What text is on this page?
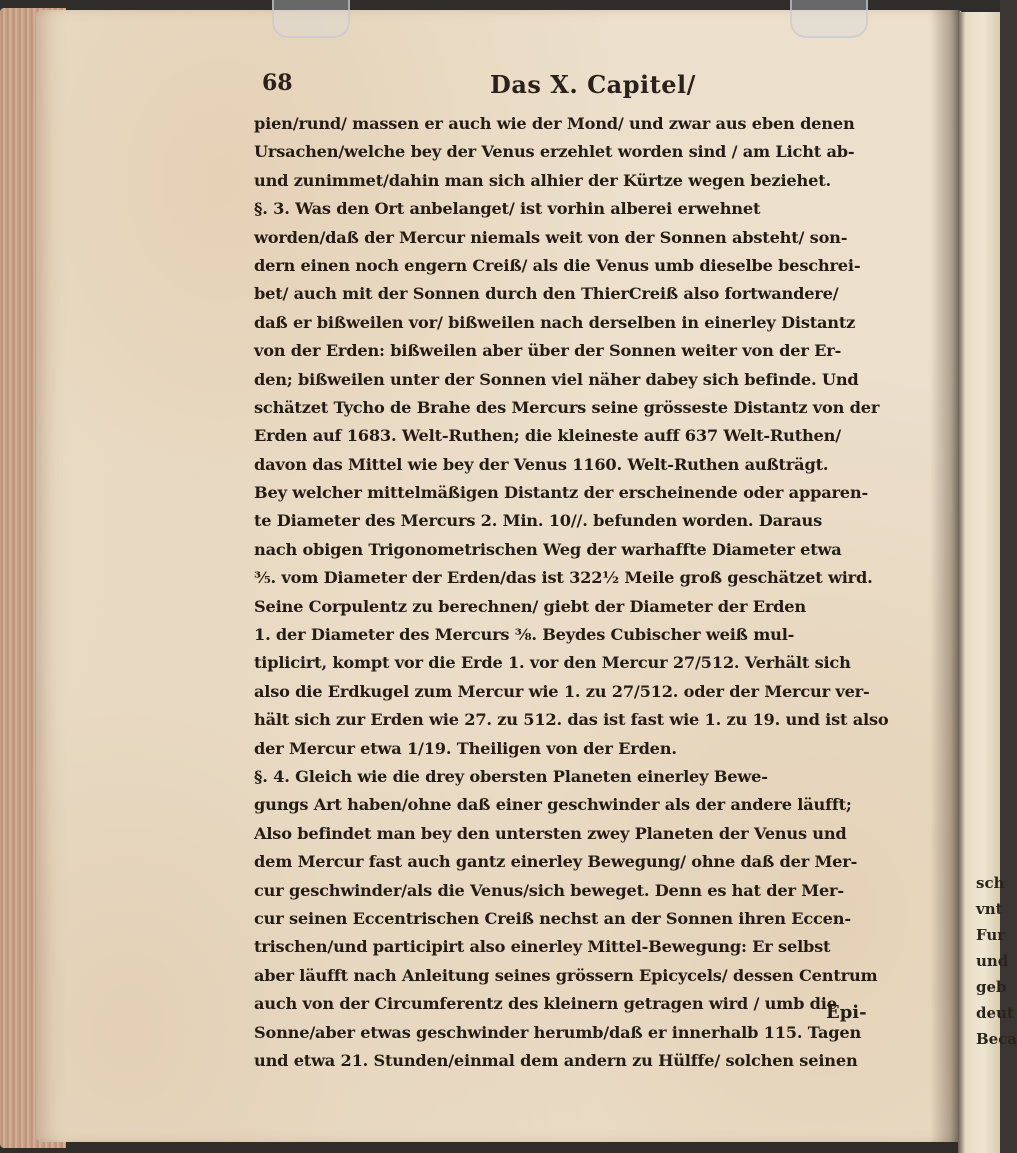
sch
vnt
Fur
und
geb
deut
Beca
68	Das X. Capitel/
pien/rund/ massen er auch wie der Mond/ und zwar aus eben denen
Ursachen/welche bey der Venus erzehlet worden sind / am Licht ab-
und zunimmet/dahin man sich alhier der Kürtze wegen beziehet.
§. 3. Was den Ort anbelanget/ ist vorhin alberei erwehnet
worden/daß der Mercur niemals weit von der Sonnen absteht/ son-
dern einen noch engern Creiß/ als die Venus umb dieselbe beschrei-
bet/ auch mit der Sonnen durch den ThierCreiß also fortwandere/
daß er bißweilen vor/ bißweilen nach derselben in einerley Distantz
von der Erden: bißweilen aber über der Sonnen weiter von der Er-
den; bißweilen unter der Sonnen viel näher dabey sich befinde. Und
schätzet Tycho de Brahe des Mercurs seine grösseste Distantz von der
Erden auf 1683. Welt-Ruthen; die kleineste auff 637 Welt-Ruthen/
davon das Mittel wie bey der Venus 1160. Welt-Ruthen außträgt.
Bey welcher mittelmäßigen Distantz der erscheinende oder apparen-
te Diameter des Mercurs 2. Min. 10//. befunden worden. Daraus
nach obigen Trigonometrischen Weg der warhaffte Diameter etwa
⅗. vom Diameter der Erden/das ist 322½ Meile groß geschätzet wird.
Seine Corpulentz zu berechnen/ giebt der Diameter der Erden
1. der Diameter des Mercurs ⅜. Beydes Cubischer weiß mul-
tiplicirt, kompt vor die Erde 1. vor den Mercur 27/512. Verhält sich
also die Erdkugel zum Mercur wie 1. zu 27/512. oder der Mercur ver-
hält sich zur Erden wie 27. zu 512. das ist fast wie 1. zu 19. und ist also
der Mercur etwa 1/19. Theiligen von der Erden.
§. 4. Gleich wie die drey obersten Planeten einerley Bewe-
gungs Art haben/ohne daß einer geschwinder als der andere läufft;
Also befindet man bey den untersten zwey Planeten der Venus und
dem Mercur fast auch gantz einerley Bewegung/ ohne daß der Mer-
cur geschwinder/als die Venus/sich beweget. Denn es hat der Mer-
cur seinen Eccentrischen Creiß nechst an der Sonnen ihren Eccen-
trischen/und participirt also einerley Mittel-Bewegung: Er selbst
aber läufft nach Anleitung seines grössern Epicycels/ dessen Centrum
auch von der Circumferentz des kleinern getragen wird / umb die
Sonne/aber etwas geschwinder herumb/daß er innerhalb 115. Tagen
und etwa 21. Stunden/einmal dem andern zu Hülffe/ solchen seinen
Epi-
